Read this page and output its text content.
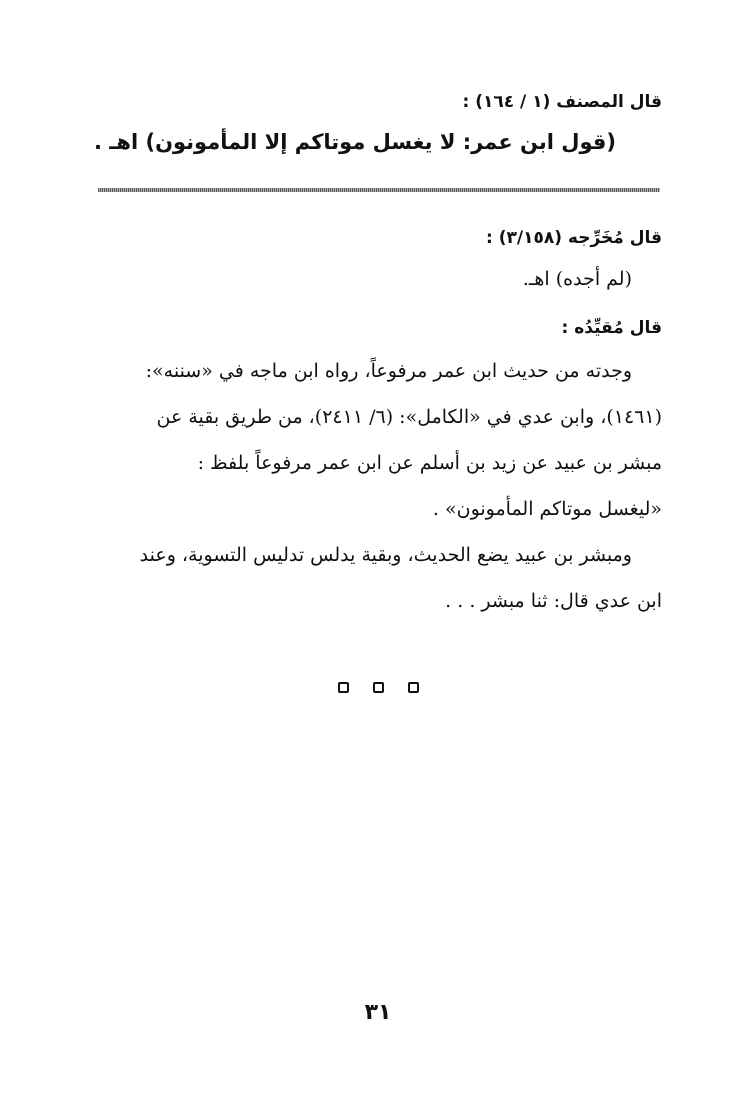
قال المصنف (١ / ١٦٤) :
(قول ابن عمر: لا يغسل موتاكم إلا المأمونون) اهـ .
قال مُخَرِّجه (٣/١٥٨) :
(لم أجده) اهـ.
قال مُقيِّدُه :
وجدته من حديث ابن عمر مرفوعاً، رواه ابن ماجه في «سننه»:
(١٤٦١)، وابن عدي في «الكامل»: (٦/ ٢٤١١)، من طريق بقية عن
مبشر بن عبيد عن زيد بن أسلم عن ابن عمر مرفوعاً بلفظ :
«ليغسل موتاكم المأمونون» .
ومبشر بن عبيد يضع الحديث، وبقية يدلس تدليس التسوية، وعند
ابن عدي قال: ثنا مبشر . . .
٣١
